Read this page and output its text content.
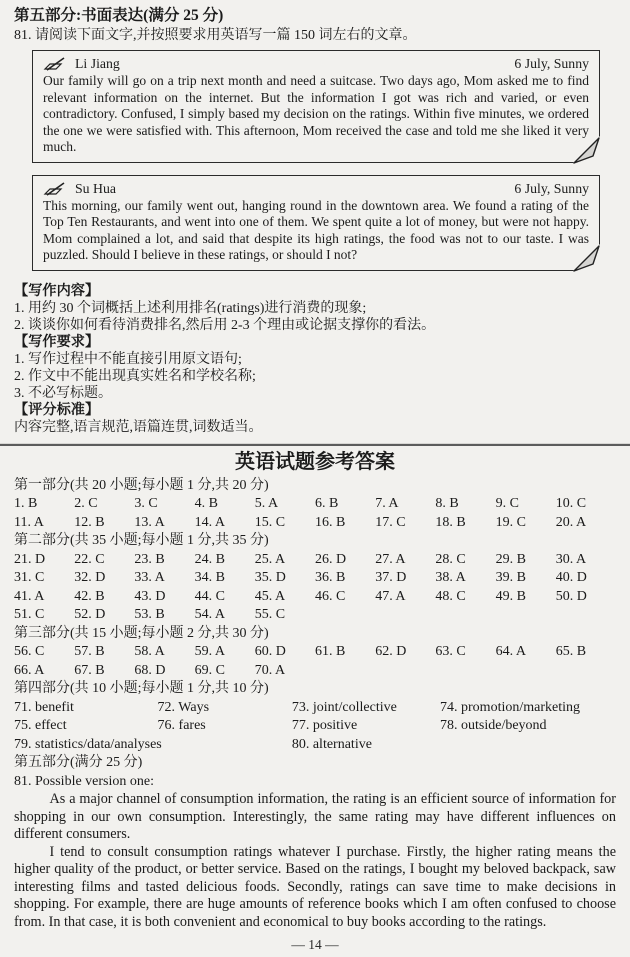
第五部分:书面表达(满分 25 分)
81. 请阅读下面文字,并按照要求用英语写一篇 150 词左右的文章。
Li Jiang	6 July, Sunny
Our family will go on a trip next month and need a suitcase. Two days ago, Mom asked me to find relevant information on the internet. But the information I got was rich and varied, or even contradictory. Confused, I simply based my decision on the ratings. Within five minutes, we ordered the one we were satisfied with. This afternoon, Mom received the case and told me she liked it very much.
Su Hua	6 July, Sunny
This morning, our family went out, hanging round in the downtown area. We found a rating of the Top Ten Restaurants, and went into one of them. We spent quite a lot of money, but were not happy. Mom complained a lot, and said that despite its high ratings, the food was not to our taste. I was puzzled. Should I believe in these ratings, or should I not?
【写作内容】
1. 用约 30 个词概括上述利用排名(ratings)进行消费的现象;
2. 谈谈你如何看待消费排名,然后用 2-3 个理由或论据支撑你的看法。
【写作要求】
1. 写作过程中不能直接引用原文语句;
2. 作文中不能出现真实姓名和学校名称;
3. 不必写标题。
【评分标准】
内容完整,语言规范,语篇连贯,词数适当。
英语试题参考答案
第一部分(共 20 小题;每小题 1 分,共 20 分)
1. B	2. C	3. C	4. B	5. A	6. B	7. A	8. B	9. C	10. C
11. A	12. B	13. A	14. A	15. C	16. B	17. C	18. B	19. C	20. A
第二部分(共 35 小题;每小题 1 分,共 35 分)
21. D	22. C	23. B	24. B	25. A	26. D	27. A	28. C	29. B	30. A
31. C	32. D	33. A	34. B	35. D	36. B	37. D	38. A	39. B	40. D
41. A	42. B	43. D	44. C	45. A	46. C	47. A	48. C	49. B	50. D
51. C	52. D	53. B	54. A	55. C
第三部分(共 15 小题;每小题 2 分,共 30 分)
56. C	57. B	58. A	59. A	60. D	61. B	62. D	63. C	64. A	65. B
66. A	67. B	68. D	69. C	70. A
第四部分(共 10 小题;每小题 1 分,共 10 分)
71. benefit	72. Ways	73. joint/collective	74. promotion/marketing
75. effect	76. fares	77. positive	78. outside/beyond
79. statistics/data/analyses	80. alternative
第五部分(满分 25 分)
81. Possible version one:

As a major channel of consumption information, the rating is an efficient source of information for shopping in our own consumption. Interestingly, the same rating may have different influences on different consumers.

I tend to consult consumption ratings whatever I purchase. Firstly, the higher rating means the higher quality of the product, or better service. Based on the ratings, I bought my beloved backpack, saw interesting films and tasted delicious foods. Secondly, ratings can save time to make decisions in shopping. For example, there are huge amounts of reference books which I am often confused to choose from. In that case, it is both convenient and economical to buy books according to the ratings.

— 14 —
